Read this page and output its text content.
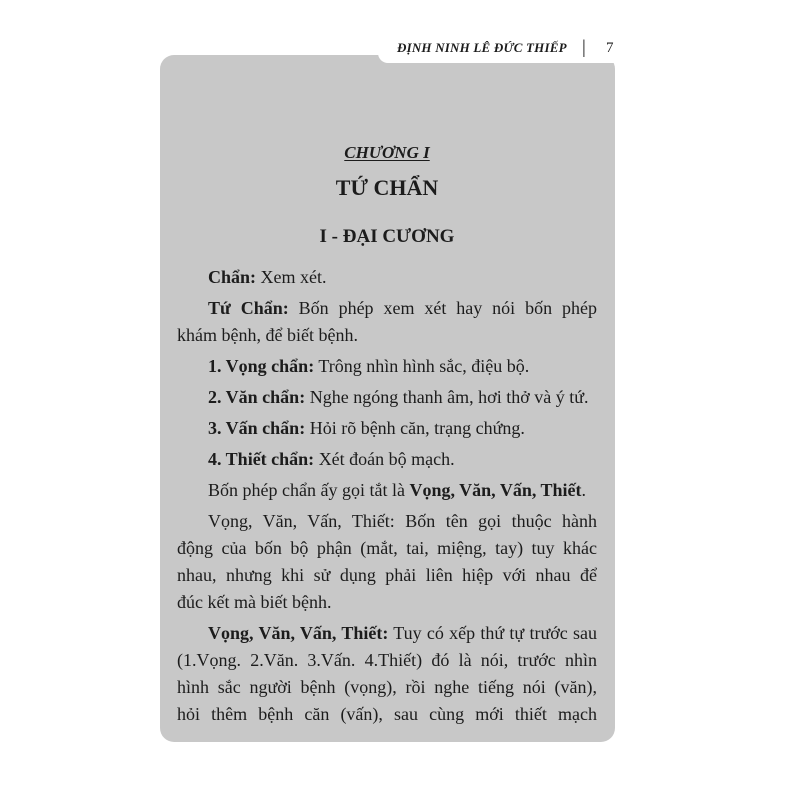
ĐỊNH NINH LÊ ĐỨC THIẾP | 7
CHƯƠNG I
TỨ CHẨN
I - ĐẠI CƯƠNG
Chẩn: Xem xét.
Tứ Chẩn: Bốn phép xem xét hay nói bốn phép
khám bệnh, để biết bệnh.
1. Vọng chẩn: Trông nhìn hình sắc, điệu bộ.
2. Văn chẩn: Nghe ngóng thanh âm, hơi thở và ý tứ.
3. Vấn chẩn: Hỏi rõ bệnh căn, trạng chứng.
4. Thiết chẩn: Xét đoán bộ mạch.
Bốn phép chẩn ấy gọi tắt là Vọng, Văn, Vấn, Thiết.
Vọng, Văn, Vấn, Thiết: Bốn tên gọi thuộc hành
động của bốn bộ phận (mắt, tai, miệng, tay) tuy khác
nhau, nhưng khi sử dụng phải liên hiệp với nhau để
đúc kết mà biết bệnh.
Vọng, Văn, Vấn, Thiết: Tuy có xếp thứ tự trước sau
(1.Vọng. 2.Văn. 3.Vấn. 4.Thiết) đó là nói, trước nhìn
hình sắc người bệnh (vọng), rồi nghe tiếng nói (văn),
hỏi thêm bệnh căn (vấn), sau cùng mới thiết mạch
